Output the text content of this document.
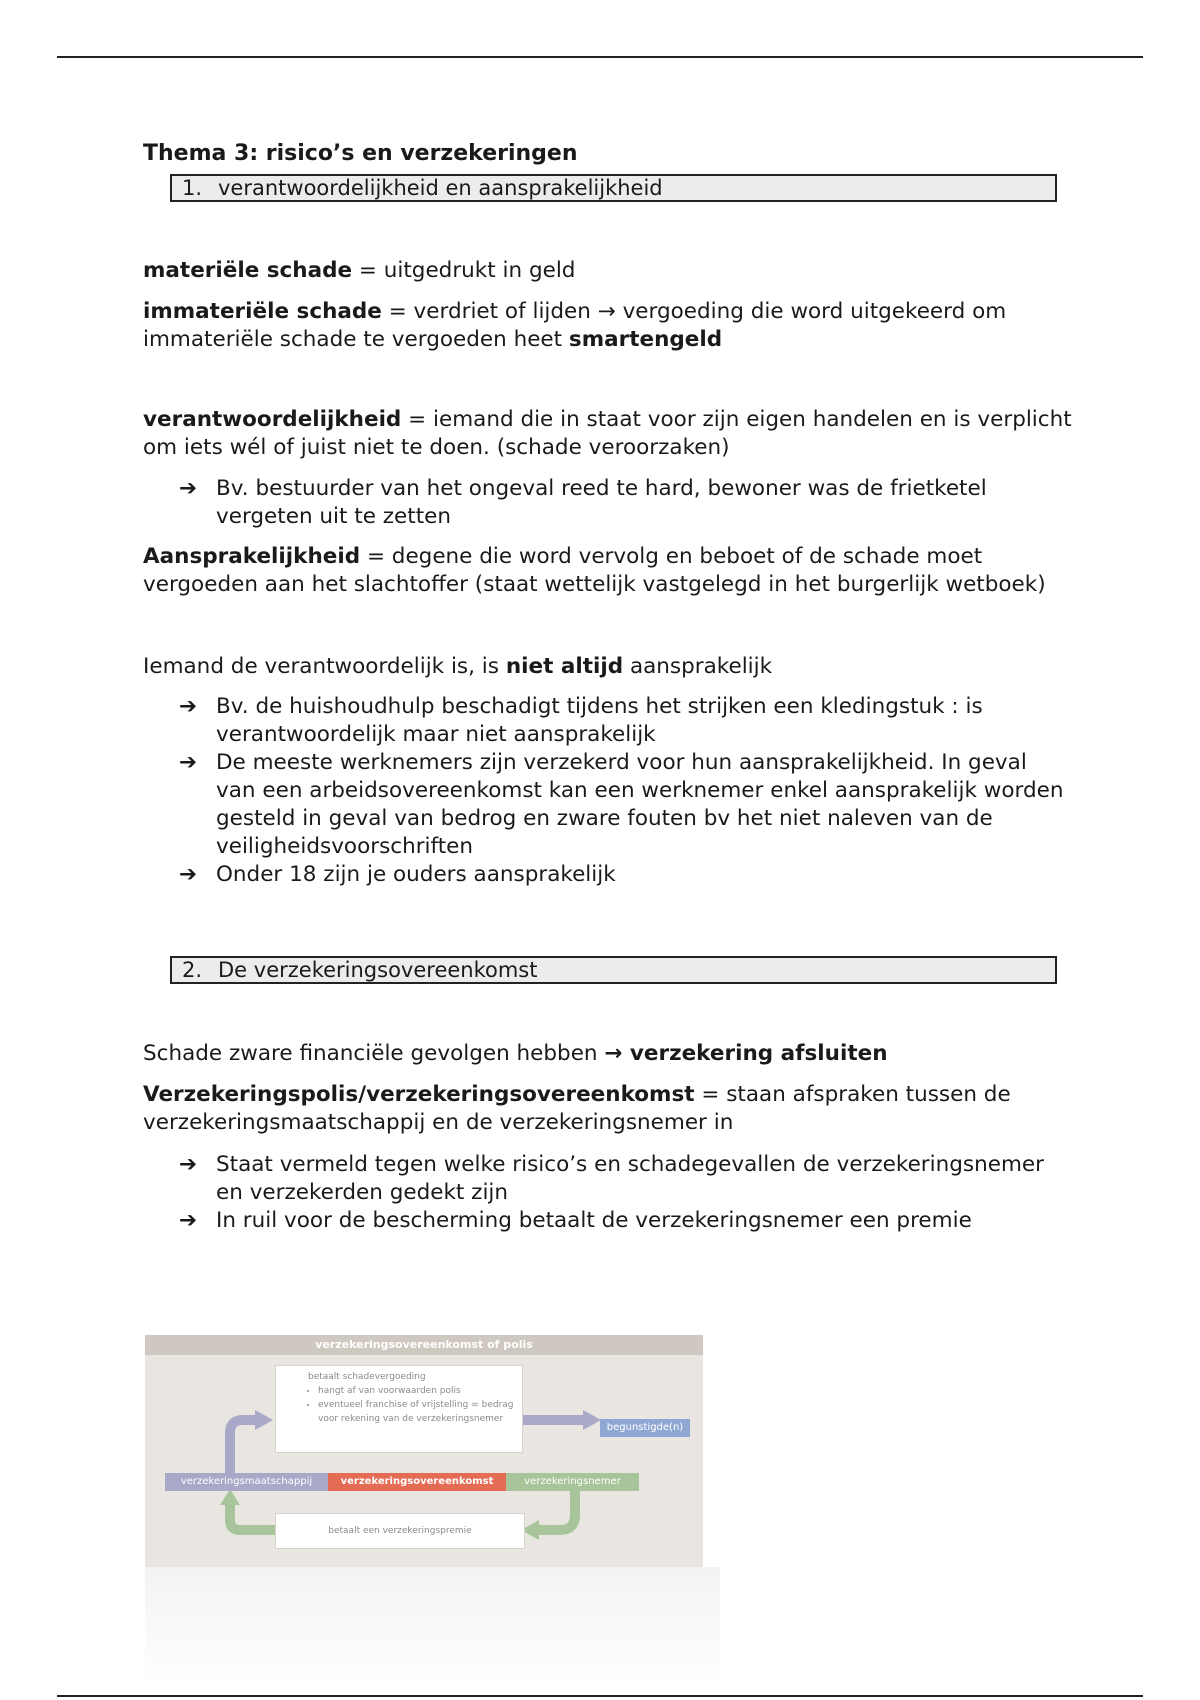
Thema 3: risico’s en verzekeringen

1. verantwoordelijkheid en aansprakelijkheid

materiële schade = uitgedrukt in geld

immateriële schade = verdriet of lijden → vergoeding die word uitgekeerd om immateriële schade te vergoeden heet smartengeld

verantwoordelijkheid = iemand die in staat voor zijn eigen handelen en is verplicht om iets wél of juist niet te doen. (schade veroorzaken)

➔ Bv. bestuurder van het ongeval reed te hard, bewoner was de frietketel vergeten uit te zetten

Aansprakelijkheid = degene die word vervolg en beboet of de schade moet vergoeden aan het slachtoffer (staat wettelijk vastgelegd in het burgerlijk wetboek)

Iemand de verantwoordelijk is, is niet altijd aansprakelijk

➔ Bv. de huishoudhulp beschadigt tijdens het strijken een kledingstuk : is verantwoordelijk maar niet aansprakelijk
➔ De meeste werknemers zijn verzekerd voor hun aansprakelijkheid. In geval van een arbeidsovereenkomst kan een werknemer enkel aansprakelijk worden gesteld in geval van bedrog en zware fouten bv het niet naleven van de veiligheidsvoorschriften
➔ Onder 18 zijn je ouders aansprakelijk
2. De verzekeringsovereenkomst

Schade zware financiële gevolgen hebben → verzekering afsluiten

Verzekeringspolis/verzekeringsovereenkomst = staan afspraken tussen de verzekeringsmaatschappij en de verzekeringsnemer in

➔ Staat vermeld tegen welke risico’s en schadegevallen de verzekeringsnemer en verzekerden gedekt zijn
➔ In ruil voor de bescherming betaalt de verzekeringsnemer een premie
verzekeringsovereenkomst of polis
betaalt schadevergoeding
• hangt af van voorwaarden polis
• eventueel franchise of vrijstelling = bedrag voor rekening van de verzekeringsnemer
begunstigde(n)
verzekeringsmaatschappij	verzekeringsovereenkomst	verzekeringsnemer
betaalt een verzekeringspremie
